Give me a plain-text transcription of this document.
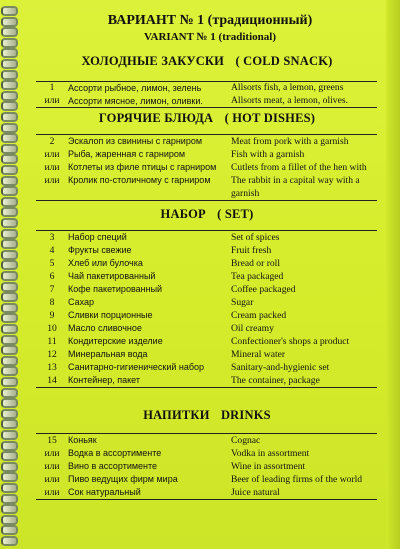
ВАРИАНТ № 1 (традиционный)
VARIANT № 1 (traditional)
ХОЛОДНЫЕ ЗАКУСКИ ( COLD SNACK)
1	Ассорти рыбное, лимон, зелень	Allsorts fish, a lemon, greens
или Ассорти мясное, лимон, оливки.	Allsorts meat, a lemon, olives.
ГОРЯЧИЕ БЛЮДА ( HOT DISHES)
2	Эскалоп из свинины с гарниром	Meat from pork with a garnish
или Рыба, жаренная с гарниром	Fish with a garnish
или Котлеты из филе птицы с гарниром	Cutlets from a fillet of the hen with
или Кролик по-столичному с гарниром	The rabbit in a capital way with a garnish
НАБОР ( SET)
3	Набор специй	Set of spices
4	Фрукты свежие	Fruit fresh
5	Хлеб или булочка	Bread or roll
6	Чай пакетированный	Tea packaged
7	Кофе пакетированный	Coffee packaged
8	Сахар	Sugar
9	Сливки порционные	Cream packed
10	Масло сливочное	Oil creamy
11	Кондитерские изделие	Confectioner's shops a product
12	Минеральная вода	Mineral water
13	Санитарно-гигиенический набор	Sanitary-and-hygienic set
14	Контейнер, пакет	The container, package
НАПИТКИ DRINKS
15	Коньяк	Cognac
или Водка в ассортименте	Vodka in assortment
или Вино в ассортименте	Wine in assortment
или Пиво ведущих фирм мира	Beer of leading firms of the world
или Сок натуральный	Juice natural
